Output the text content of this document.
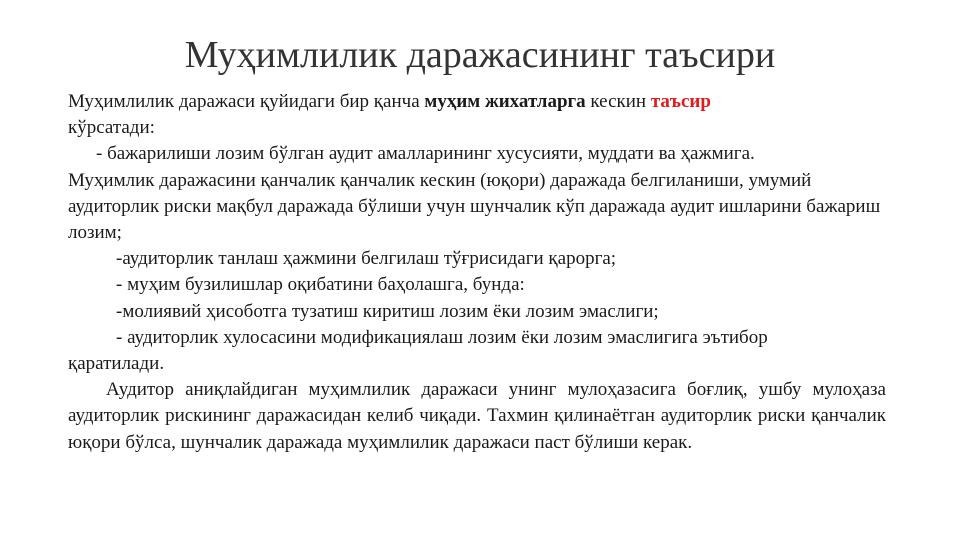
Муҳимлилик даражасининг таъсири

Муҳимлилик даражаси қуйидаги бир қанча муҳим жихатларга кескин таъсир

кўрсатади:

- бажарилиши лозим бўлган аудит амалларининг хусусияти, муддати ва ҳажмига.

Муҳимлик даражасини қанчалик қанчалик кескин (юқори) даражада белгиланиши, умумий аудиторлик риски мақбул даражада бўлиши учун шунчалик кўп даражада аудит ишларини бажариш лозим;

-аудиторлик танлаш ҳажмини белгилаш тўғрисидаги қарорга;

- муҳим бузилишлар оқибатини баҳолашга, бунда:

-молиявий ҳисоботга тузатиш киритиш лозим ёки лозим эмаслиги;

- аудиторлик хулосасини модификациялаш лозим ёки лозим эмаслигига эътибор

қаратилади.

Аудитор аниқлайдиган муҳимлилик даражаси унинг мулоҳазасига боғлиқ, ушбу мулоҳаза аудиторлик рискининг даражасидан келиб чиқади. Тахмин қилинаётган аудиторлик риски қанчалик юқори бўлса, шунчалик даражада муҳимлилик даражаси паст бўлиши керак.
